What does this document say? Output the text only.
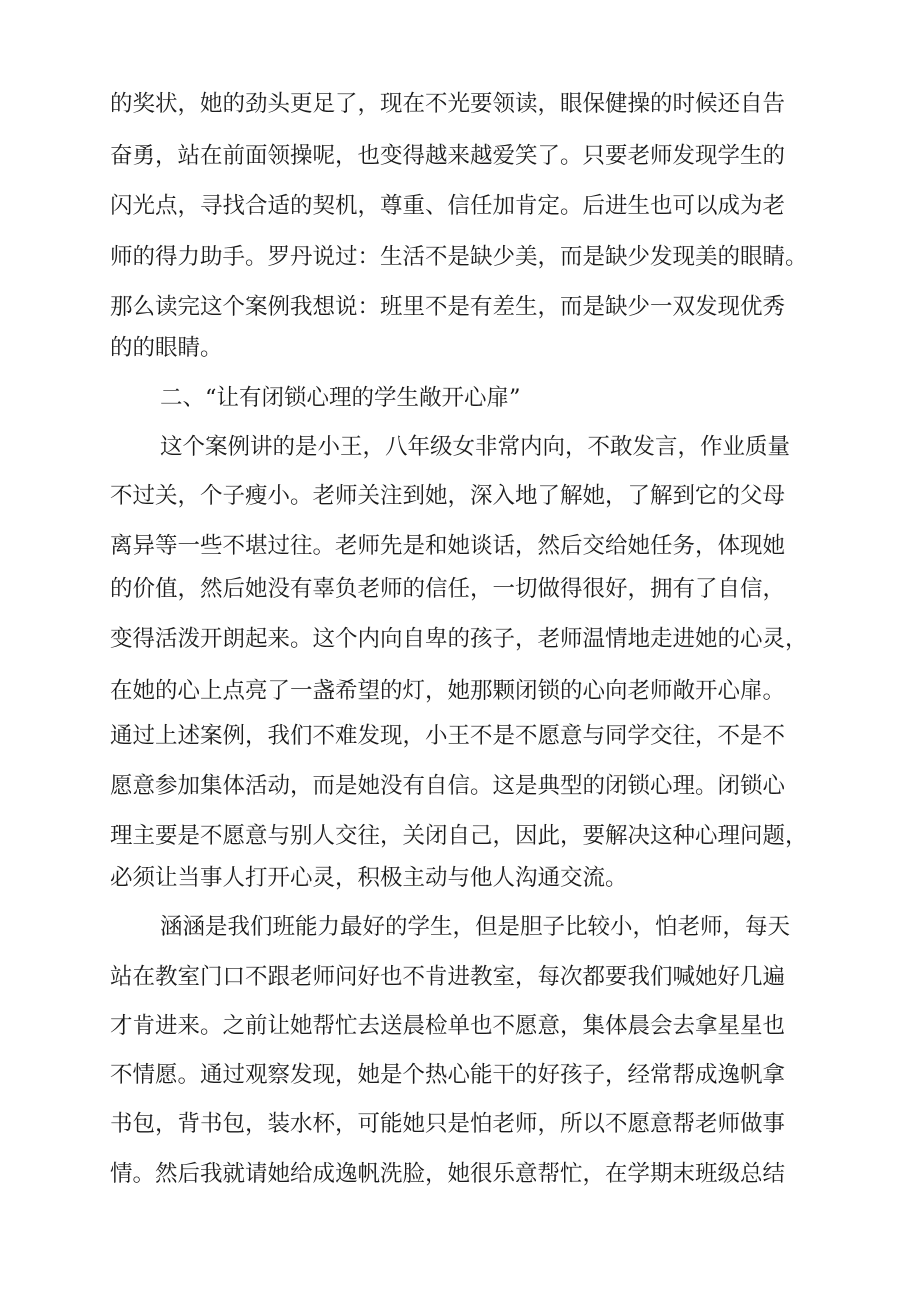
的奖状，她的劲头更足了，现在不光要领读，眼保健操的时候还自告
奋勇，站在前面领操呢，也变得越来越爱笑了。只要老师发现学生的
闪光点，寻找合适的契机，尊重、信任加肯定。后进生也可以成为老
师的得力助手。罗丹说过：生活不是缺少美，而是缺少发现美的眼睛。
那么读完这个案例我想说：班里不是有差生，而是缺少一双发现优秀
的的眼睛。
二、“让有闭锁心理的学生敞开心扉”
这个案例讲的是小王，八年级女非常内向，不敢发言，作业质量
不过关，个子瘦小。老师关注到她，深入地了解她，了解到它的父母
离异等一些不堪过往。老师先是和她谈话，然后交给她任务，体现她
的价值，然后她没有辜负老师的信任，一切做得很好，拥有了自信，
变得活泼开朗起来。这个内向自卑的孩子，老师温情地走进她的心灵，
在她的心上点亮了一盏希望的灯，她那颗闭锁的心向老师敞开心扉。
通过上述案例，我们不难发现，小王不是不愿意与同学交往，不是不
愿意参加集体活动，而是她没有自信。这是典型的闭锁心理。闭锁心
理主要是不愿意与别人交往，关闭自己，因此，要解决这种心理问题，
必须让当事人打开心灵，积极主动与他人沟通交流。
涵涵是我们班能力最好的学生，但是胆子比较小，怕老师，每天
站在教室门口不跟老师问好也不肯进教室，每次都要我们喊她好几遍
才肯进来。之前让她帮忙去送晨检单也不愿意，集体晨会去拿星星也
不情愿。通过观察发现，她是个热心能干的好孩子，经常帮成逸帆拿
书包，背书包，装水杯，可能她只是怕老师，所以不愿意帮老师做事
情。然后我就请她给成逸帆洗脸，她很乐意帮忙，在学期末班级总结
